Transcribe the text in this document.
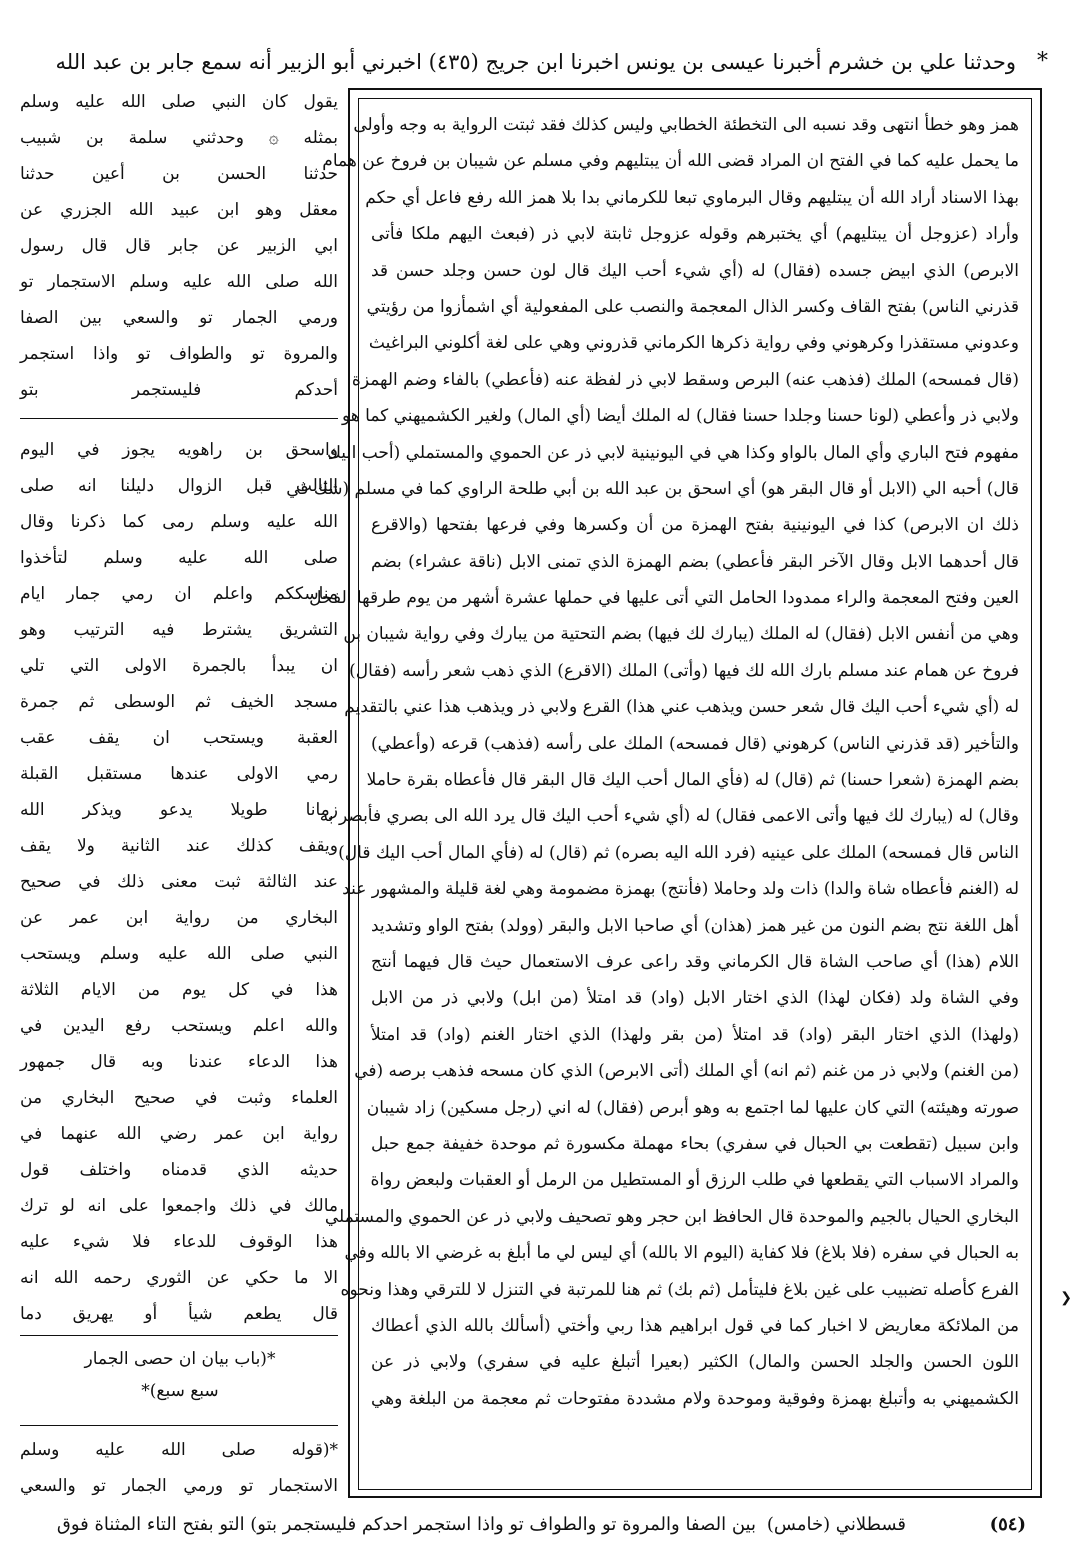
*
وحدثنا علي بن خشرم أخبرنا عيسى بن يونس اخبرنا ابن جريج (٤٣٥) اخبرني أبو الزبير أنه سمع جابر بن عبد الله
همز وهو خطأ انتهى وقد نسبه الى التخطئة الخطابي وليس كذلك فقد ثبتت الرواية به وجه وأولى
ما يحمل عليه كما في الفتح ان المراد قضى الله أن يبتليهم وفي مسلم عن شيبان بن فروخ عن همام
بهذا الاسناد أراد الله أن يبتليهم وقال البرماوي تبعا للكرماني بدا بلا همز الله رفع فاعل أي حكم
وأراد (عزوجل أن يبتليهم) أي يختبرهم وقوله عزوجل ثابتة لابي ذر (فبعث اليهم ملكا فأتى
الابرص) الذي ابيض جسده (فقال) له (أي شيء أحب اليك قال لون حسن وجلد حسن قد
قذرني الناس) بفتح القاف وكسر الذال المعجمة والنصب على المفعولية أي اشمأزوا من رؤيتي
وعدوني مستقذرا وكرهوني وفي رواية ذكرها الكرماني قذروني وهي على لغة أكلوني البراغيث
(قال فمسحه) الملك (فذهب عنه) البرص وسقط لابي ذر لفظة عنه (فأعطي) بالفاء وضم الهمزة
ولابي ذر وأعطي (لونا حسنا وجلدا حسنا فقال) له الملك أيضا (أي المال) ولغير الكشميهني كما هو
مفهوم فتح الباري وأي المال بالواو وكذا هي في اليونينية لابي ذر عن الحموي والمستملي (أحب اليك
قال) أحبه الي (الابل أو قال البقر هو) أي اسحق بن عبد الله بن أبي طلحة الراوي كما في مسلم (شك في
ذلك ان الابرص) كذا في اليونينية بفتح الهمزة من أن وكسرها وفي فرعها بفتحها (والاقرع
قال أحدهما الابل وقال الآخر البقر فأعطي) بضم الهمزة الذي تمنى الابل (ناقة عشراء) بضم
العين وفتح المعجمة والراء ممدودا الحامل التي أتى عليها في حملها عشرة أشهر من يوم طرقها الفحل
وهي من أنفس الابل (فقال) له الملك (يبارك لك فيها) بضم التحتية من يبارك وفي رواية شيبان بن
فروخ عن همام عند مسلم بارك الله لك فيها (وأتى) الملك (الاقرع) الذي ذهب شعر رأسه (فقال)
له (أي شيء أحب اليك قال شعر حسن ويذهب عني هذا) القرع ولابي ذر ويذهب هذا عني بالتقديم
والتأخير (قد قذرني الناس) كرهوني (قال فمسحه) الملك على رأسه (فذهب) قرعه (وأعطي)
بضم الهمزة (شعرا حسنا) ثم (قال) له (فأي المال أحب اليك قال البقر قال فأعطاه بقرة حاملا
وقال) له (يبارك لك فيها وأتى الاعمى فقال) له (أي شيء أحب اليك قال يرد الله الى بصري فأبصر به
الناس قال فمسحه) الملك على عينيه (فرد الله اليه بصره) ثم (قال) له (فأي المال أحب اليك قال)
له (الغنم فأعطاه شاة والدا) ذات ولد وحاملا (فأنتج) بهمزة مضمومة وهي لغة قليلة والمشهور عند
أهل اللغة نتج بضم النون من غير همز (هذان) أي صاحبا الابل والبقر (وولد) بفتح الواو وتشديد
اللام (هذا) أي صاحب الشاة قال الكرماني وقد راعى عرف الاستعمال حيث قال فيهما أنتج
وفي الشاة ولد (فكان لهذا) الذي اختار الابل (واد) قد امتلأ (من ابل) ولابي ذر من الابل
(ولهذا) الذي اختار البقر (واد) قد امتلأ (من بقر ولهذا) الذي اختار الغنم (واد) قد امتلأ
(من الغنم) ولابي ذر من غنم (ثم انه) أي الملك (أتى الابرص) الذي كان مسحه فذهب برصه (في
صورته وهيئته) التي كان عليها لما اجتمع به وهو أبرص (فقال) له اني (رجل مسكين) زاد شيبان
وابن سبيل (تقطعت بي الحبال في سفري) بحاء مهملة مكسورة ثم موحدة خفيفة جمع حبل
والمراد الاسباب التي يقطعها في طلب الرزق أو المستطيل من الرمل أو العقبات ولبعض رواة
البخاري الحيال بالجيم والموحدة قال الحافظ ابن حجر وهو تصحيف ولابي ذر عن الحموي والمستملي
به الحبال في سفره (فلا بلاغ) فلا كفاية (اليوم الا بالله) أي ليس لي ما أبلغ به غرضي الا بالله وفي
الفرع كأصله تضبيب على غين بلاغ فليتأمل (ثم بك) ثم هنا للمرتبة في التنزل لا للترقي وهذا ونحوه
من الملائكة معاريض لا اخبار كما في قول ابراهيم هذا ربي وأختي (أسألك بالله الذي أعطاك
اللون الحسن والجلد الحسن والمال) الكثير (بعيرا أتبلغ عليه في سفري) ولابي ذر عن
الكشميهني به وأتبلغ بهمزة وفوقية وموحدة ولام مشددة مفتوحات ثم معجمة من البلغة وهي
يقول كان النبي صلى الله عليه وسلم
بمثله ۞ وحدثني سلمة بن شبيب
حدثنا الحسن بن أعين حدثنا
معقل وهو ابن عبيد الله الجزري عن
ابي الزبير عن جابر قال قال رسول
الله صلى الله عليه وسلم الاستجمار تو
ورمي الجمار تو والسعي بين الصفا
والمروة تو والطواف تو واذا استجمر
أحدكم فليستجمر بتو
واسحق بن راهويه يجوز في اليوم
الثالث قبل الزوال دليلنا انه صلى
الله عليه وسلم رمى كما ذكرنا وقال
صلى الله عليه وسلم لتأخذوا
مناسككم واعلم ان رمي جمار ايام
التشريق يشترط فيه الترتيب وهو
ان يبدأ بالجمرة الاولى التي تلي
مسجد الخيف ثم الوسطى ثم جمرة
العقبة ويستحب ان يقف عقب
رمي الاولى عندها مستقبل القبلة
زمانا طويلا يدعو ويذكر الله
ويقف كذلك عند الثانية ولا يقف
عند الثالثة ثبت معنى ذلك في صحيح
البخاري من رواية ابن عمر عن
النبي صلى الله عليه وسلم ويستحب
هذا في كل يوم من الايام الثلاثة
والله اعلم ويستحب رفع اليدين في
هذا الدعاء عندنا وبه قال جمهور
العلماء وثبت في صحيح البخاري من
رواية ابن عمر رضي الله عنهما في
حديثه الذي قدمناه واختلف قول
مالك في ذلك واجمعوا على انه لو ترك
هذا الوقوف للدعاء فلا شيء عليه
الا ما حكي عن الثوري رحمه الله انه
قال يطعم شيأ أو يهريق دما
*(باب بيان ان حصى الجمار
سبع سبع)*
*(قوله صلى الله عليه وسلم
الاستجمار تو ورمي الجمار تو والسعي
❮
(٥٤)
قسطلاني (خامس)
بين الصفا والمروة تو والطواف تو واذا استجمر احدكم فليستجمر بتو) التو بفتح التاء المثناة فوق
